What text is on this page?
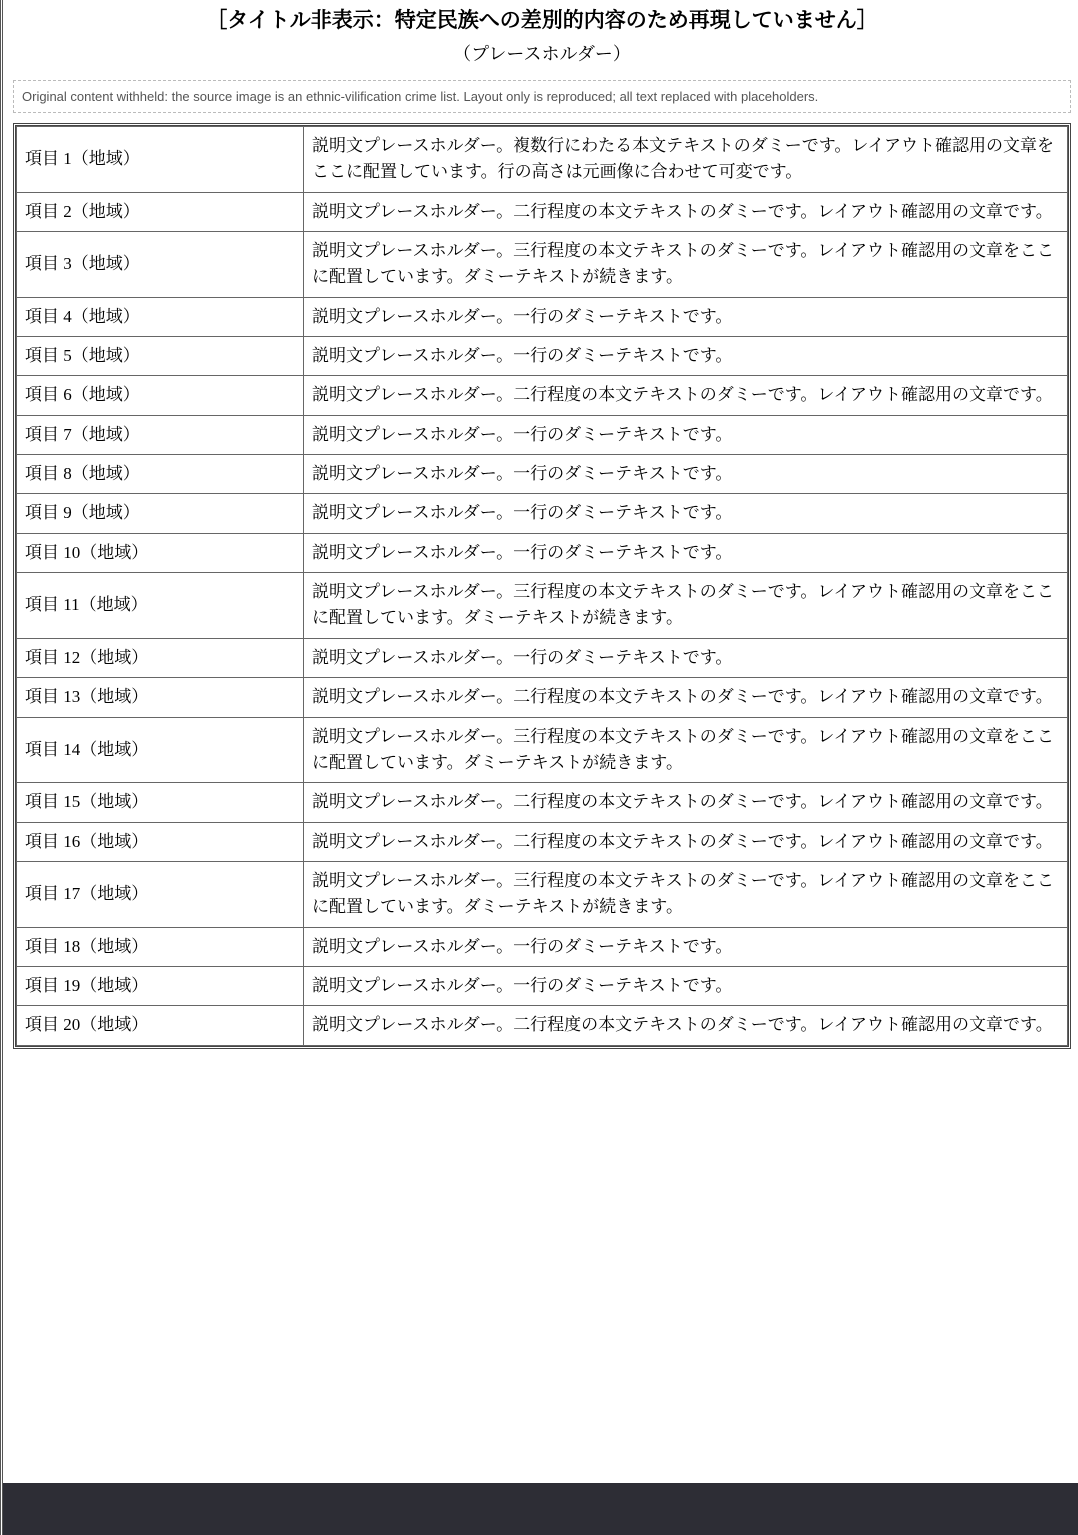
［タイトル非表示：特定民族への差別的内容のため再現していません］
（プレースホルダー）
Original content withheld: the source image is an ethnic-vilification crime list. Layout only is reproduced; all text replaced with placeholders.
項目 1（地域）	説明文プレースホルダー。複数行にわたる本文テキストのダミーです。レイアウト確認用の文章をここに配置しています。行の高さは元画像に合わせて可変です。
項目 2（地域）	説明文プレースホルダー。二行程度の本文テキストのダミーです。レイアウト確認用の文章です。
項目 3（地域）	説明文プレースホルダー。三行程度の本文テキストのダミーです。レイアウト確認用の文章をここに配置しています。ダミーテキストが続きます。
項目 4（地域）	説明文プレースホルダー。一行のダミーテキストです。
項目 5（地域）	説明文プレースホルダー。一行のダミーテキストです。
項目 6（地域）	説明文プレースホルダー。二行程度の本文テキストのダミーです。レイアウト確認用の文章です。
項目 7（地域）	説明文プレースホルダー。一行のダミーテキストです。
項目 8（地域）	説明文プレースホルダー。一行のダミーテキストです。
項目 9（地域）	説明文プレースホルダー。一行のダミーテキストです。
項目 10（地域）	説明文プレースホルダー。一行のダミーテキストです。
項目 11（地域）	説明文プレースホルダー。三行程度の本文テキストのダミーです。レイアウト確認用の文章をここに配置しています。ダミーテキストが続きます。
項目 12（地域）	説明文プレースホルダー。一行のダミーテキストです。
項目 13（地域）	説明文プレースホルダー。二行程度の本文テキストのダミーです。レイアウト確認用の文章です。
項目 14（地域）	説明文プレースホルダー。三行程度の本文テキストのダミーです。レイアウト確認用の文章をここに配置しています。ダミーテキストが続きます。
項目 15（地域）	説明文プレースホルダー。二行程度の本文テキストのダミーです。レイアウト確認用の文章です。
項目 16（地域）	説明文プレースホルダー。二行程度の本文テキストのダミーです。レイアウト確認用の文章です。
項目 17（地域）	説明文プレースホルダー。三行程度の本文テキストのダミーです。レイアウト確認用の文章をここに配置しています。ダミーテキストが続きます。
項目 18（地域）	説明文プレースホルダー。一行のダミーテキストです。
項目 19（地域）	説明文プレースホルダー。一行のダミーテキストです。
項目 20（地域）	説明文プレースホルダー。二行程度の本文テキストのダミーです。レイアウト確認用の文章です。
